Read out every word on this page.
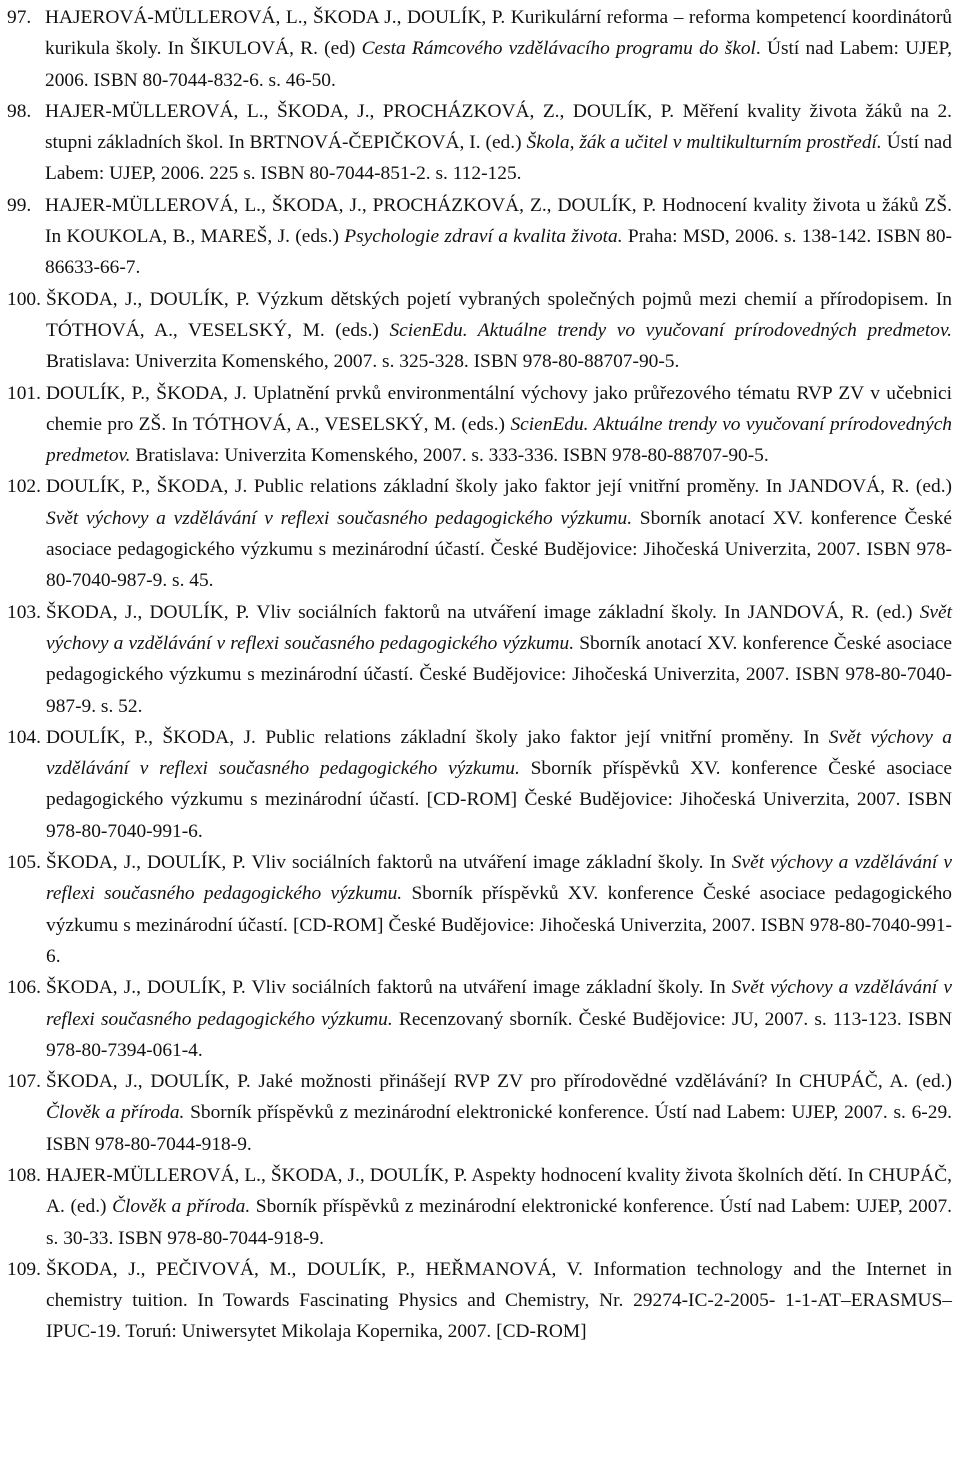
97. HAJEROVÁ-MÜLLEROVÁ, L., ŠKODA J., DOULÍK, P. Kurikulární reforma – reforma kompetencí koordinátorů kurikula školy. In ŠIKULOVÁ, R. (ed) Cesta Rámcového vzdělávacího programu do škol. Ústí nad Labem: UJEP, 2006. ISBN 80-7044-832-6. s. 46-50.
98. HAJER-MÜLLEROVÁ, L., ŠKODA, J., PROCHÁZKOVÁ, Z., DOULÍK, P. Měření kvality života žáků na 2. stupni základních škol. In BRTNOVÁ-ČEPIČKOVÁ, I. (ed.) Škola, žák a učitel v multikulturním prostředí. Ústí nad Labem: UJEP, 2006. 225 s. ISBN 80-7044-851-2. s. 112-125.
99. HAJER-MÜLLEROVÁ, L., ŠKODA, J., PROCHÁZKOVÁ, Z., DOULÍK, P. Hodnocení kvality života u žáků ZŠ. In KOUKOLA, B., MAREŠ, J. (eds.) Psychologie zdraví a kvalita života. Praha: MSD, 2006. s. 138-142. ISBN 80-86633-66-7.
100. ŠKODA, J., DOULÍK, P. Výzkum dětských pojetí vybraných společných pojmů mezi chemií a přírodopisem. In TÓTHOVÁ, A., VESELSKÝ, M. (eds.) ScienEdu. Aktuálne trendy vo vyučovaní prírodovedných predmetov. Bratislava: Univerzita Komenského, 2007. s. 325-328. ISBN 978-80-88707-90-5.
101. DOULÍK, P., ŠKODA, J. Uplatnění prvků environmentální výchovy jako průřezového tématu RVP ZV v učebnici chemie pro ZŠ. In TÓTHOVÁ, A., VESELSKÝ, M. (eds.) ScienEdu. Aktuálne trendy vo vyučovaní prírodovedných predmetov. Bratislava: Univerzita Komenského, 2007. s. 333-336. ISBN 978-80-88707-90-5.
102. DOULÍK, P., ŠKODA, J. Public relations základní školy jako faktor její vnitřní proměny. In JANDOVÁ, R. (ed.) Svět výchovy a vzdělávání v reflexi současného pedagogického výzkumu. Sborník anotací XV. konference České asociace pedagogického výzkumu s mezinárodní účastí. České Budějovice: Jihočeská Univerzita, 2007. ISBN 978-80-7040-987-9. s. 45.
103. ŠKODA, J., DOULÍK, P. Vliv sociálních faktorů na utváření image základní školy. In JANDOVÁ, R. (ed.) Svět výchovy a vzdělávání v reflexi současného pedagogického výzkumu. Sborník anotací XV. konference České asociace pedagogického výzkumu s mezinárodní účastí. České Budějovice: Jihočeská Univerzita, 2007. ISBN 978-80-7040-987-9. s. 52.
104. DOULÍK, P., ŠKODA, J. Public relations základní školy jako faktor její vnitřní proměny. In Svět výchovy a vzdělávání v reflexi současného pedagogického výzkumu. Sborník příspěvků XV. konference České asociace pedagogického výzkumu s mezinárodní účastí. [CD-ROM] České Budějovice: Jihočeská Univerzita, 2007. ISBN 978-80-7040-991-6.
105. ŠKODA, J., DOULÍK, P. Vliv sociálních faktorů na utváření image základní školy. In Svět výchovy a vzdělávání v reflexi současného pedagogického výzkumu. Sborník příspěvků XV. konference České asociace pedagogického výzkumu s mezinárodní účastí. [CD-ROM] České Budějovice: Jihočeská Univerzita, 2007. ISBN 978-80-7040-991-6.
106. ŠKODA, J., DOULÍK, P. Vliv sociálních faktorů na utváření image základní školy. In Svět výchovy a vzdělávání v reflexi současného pedagogického výzkumu. Recenzovaný sborník. České Budějovice: JU, 2007. s. 113-123. ISBN 978-80-7394-061-4.
107. ŠKODA, J., DOULÍK, P. Jaké možnosti přinášejí RVP ZV pro přírodovědné vzdělávání? In CHUPÁČ, A. (ed.) Člověk a příroda. Sborník příspěvků z mezinárodní elektronické konference. Ústí nad Labem: UJEP, 2007. s. 6-29. ISBN 978-80-7044-918-9.
108. HAJER-MÜLLEROVÁ, L., ŠKODA, J., DOULÍK, P. Aspekty hodnocení kvality života školních dětí. In CHUPÁČ, A. (ed.) Člověk a příroda. Sborník příspěvků z mezinárodní elektronické konference. Ústí nad Labem: UJEP, 2007. s. 30-33. ISBN 978-80-7044-918-9.
109. ŠKODA, J., PEČIVOVÁ, M., DOULÍK, P., HEŘMANOVÁ, V. Information technology and the Internet in chemistry tuition. In Towards Fascinating Physics and Chemistry, Nr. 29274-IC-2-2005- 1-1-AT–ERASMUS–IPUC-19. Toruń: Uniwersytet Mikolaja Kopernika, 2007. [CD-ROM]
